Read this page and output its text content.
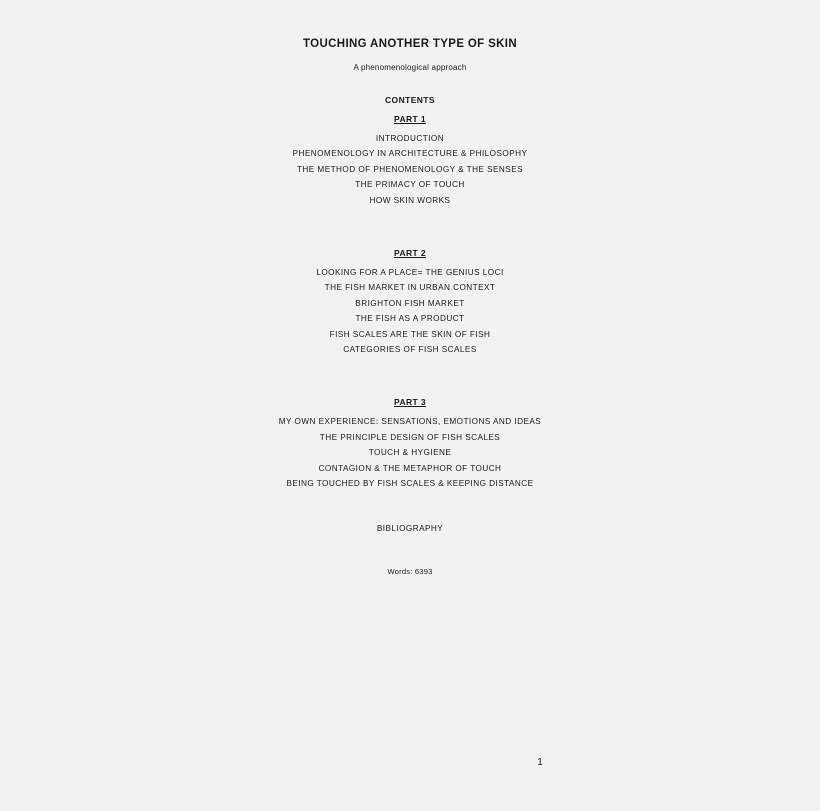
TOUCHING ANOTHER TYPE OF SKIN
A phenomenological approach
CONTENTS
PART 1
INTRODUCTION
PHENOMENOLOGY IN ARCHITECTURE & PHILOSOPHY
THE METHOD OF PHENOMENOLOGY & THE SENSES
THE PRIMACY OF TOUCH
HOW SKIN WORKS
PART 2
LOOKING FOR A PLACE= THE GENIUS LOCI
THE FISH MARKET IN URBAN CONTEXT
BRIGHTON FISH MARKET
THE FISH AS A PRODUCT
FISH SCALES ARE THE SKIN OF FISH
CATEGORIES OF FISH SCALES
PART 3
MY OWN EXPERIENCE: SENSATIONS, EMOTIONS AND IDEAS
THE PRINCIPLE DESIGN OF FISH SCALES
TOUCH & HYGIENE
CONTAGION & THE METAPHOR OF TOUCH
BEING TOUCHED BY FISH SCALES & KEEPING DISTANCE
BIBLIOGRAPHY
Words: 6393
1
